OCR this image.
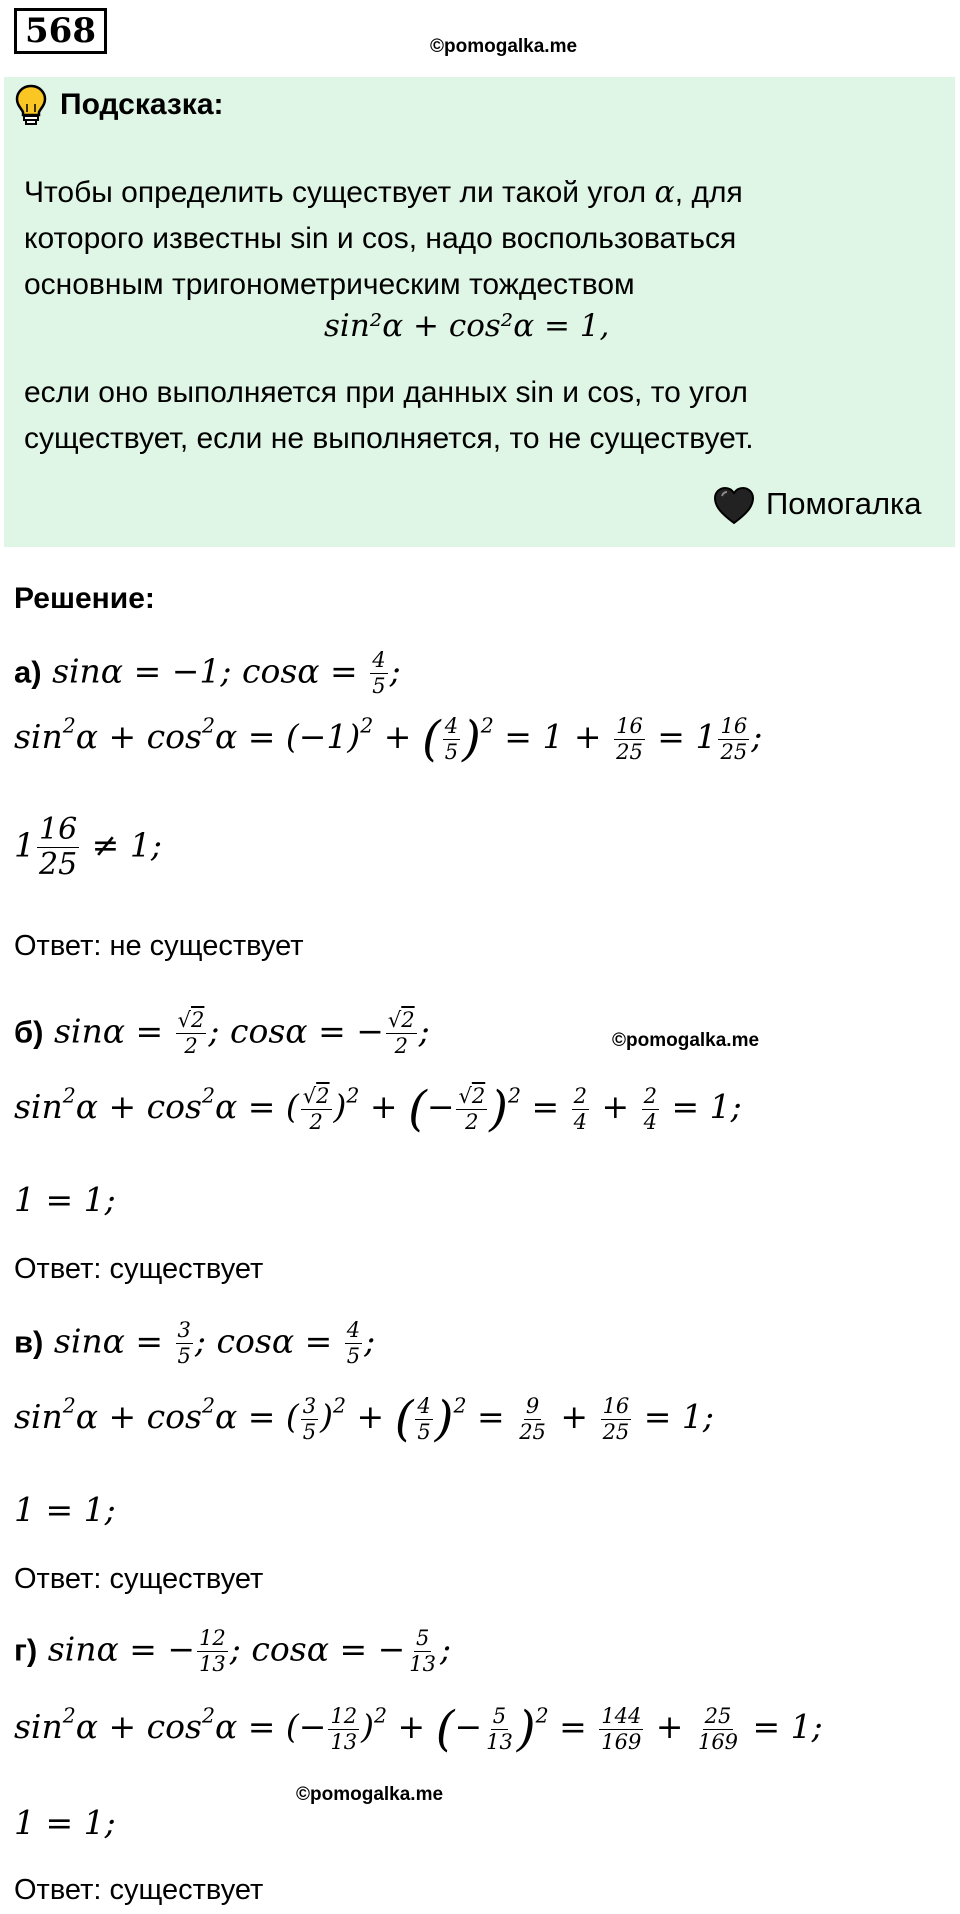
568	©pomogalka.me
Подсказка:
Чтобы определить существует ли такой угол α, для
которого известны sin и cos, надо воспользоваться
основным тригонометрическим тождеством
sin²α + cos²α = 1,
если оно выполняется при данных sin и cos, то угол
существует, если не выполняется, то не существует.
Помогалка
Решение:
а) sinα = −1; $\cos\alpha = \frac{4}{5}$ ;
$\sin^2\alpha + \cos^2\alpha = (-1)^2$ + ( $\frac{4}{5} )^2 = 1 + \frac{16}{25} = 1 \frac{16}{25}$ ;
$1 \frac{16}{25} \ne 1$;
Ответ: не существует
б) $\sin\alpha = \frac{√2}{2}$ ; cosα = − $\frac{√2}{2}$ ;	©pomogalka.me
$\sin^2\alpha + \cos^2\alpha$ = ( $\frac{√2}{2} )^2$ + (− $\frac{√2}{2} )^2 = \frac{2}{4} + \frac{2}{4} = 1$;
1 = 1;
Ответ: существует
в) $\sin\alpha = \frac{3}{5}$ ; $\cos\alpha = \frac{4}{5}$ ;
$\sin^2\alpha + \cos^2\alpha$ = ( $\frac{3}{5} )^2$ + ( $\frac{4}{5} )^2 = \frac{9}{25} + \frac{16}{25} = 1$;
1 = 1;
Ответ: существует
г) sinα = − $\frac{12}{13}$ ; cosα = − $\frac{5}{13}$ ;
$\sin^2\alpha + \cos^2\alpha$ = (− $\frac{12}{13} )^2$ + (− $\frac{5}{13} )^2 = \frac{144}{169} + \frac{25}{169} = 1$;
©pomogalka.me
1 = 1;
Ответ: существует
